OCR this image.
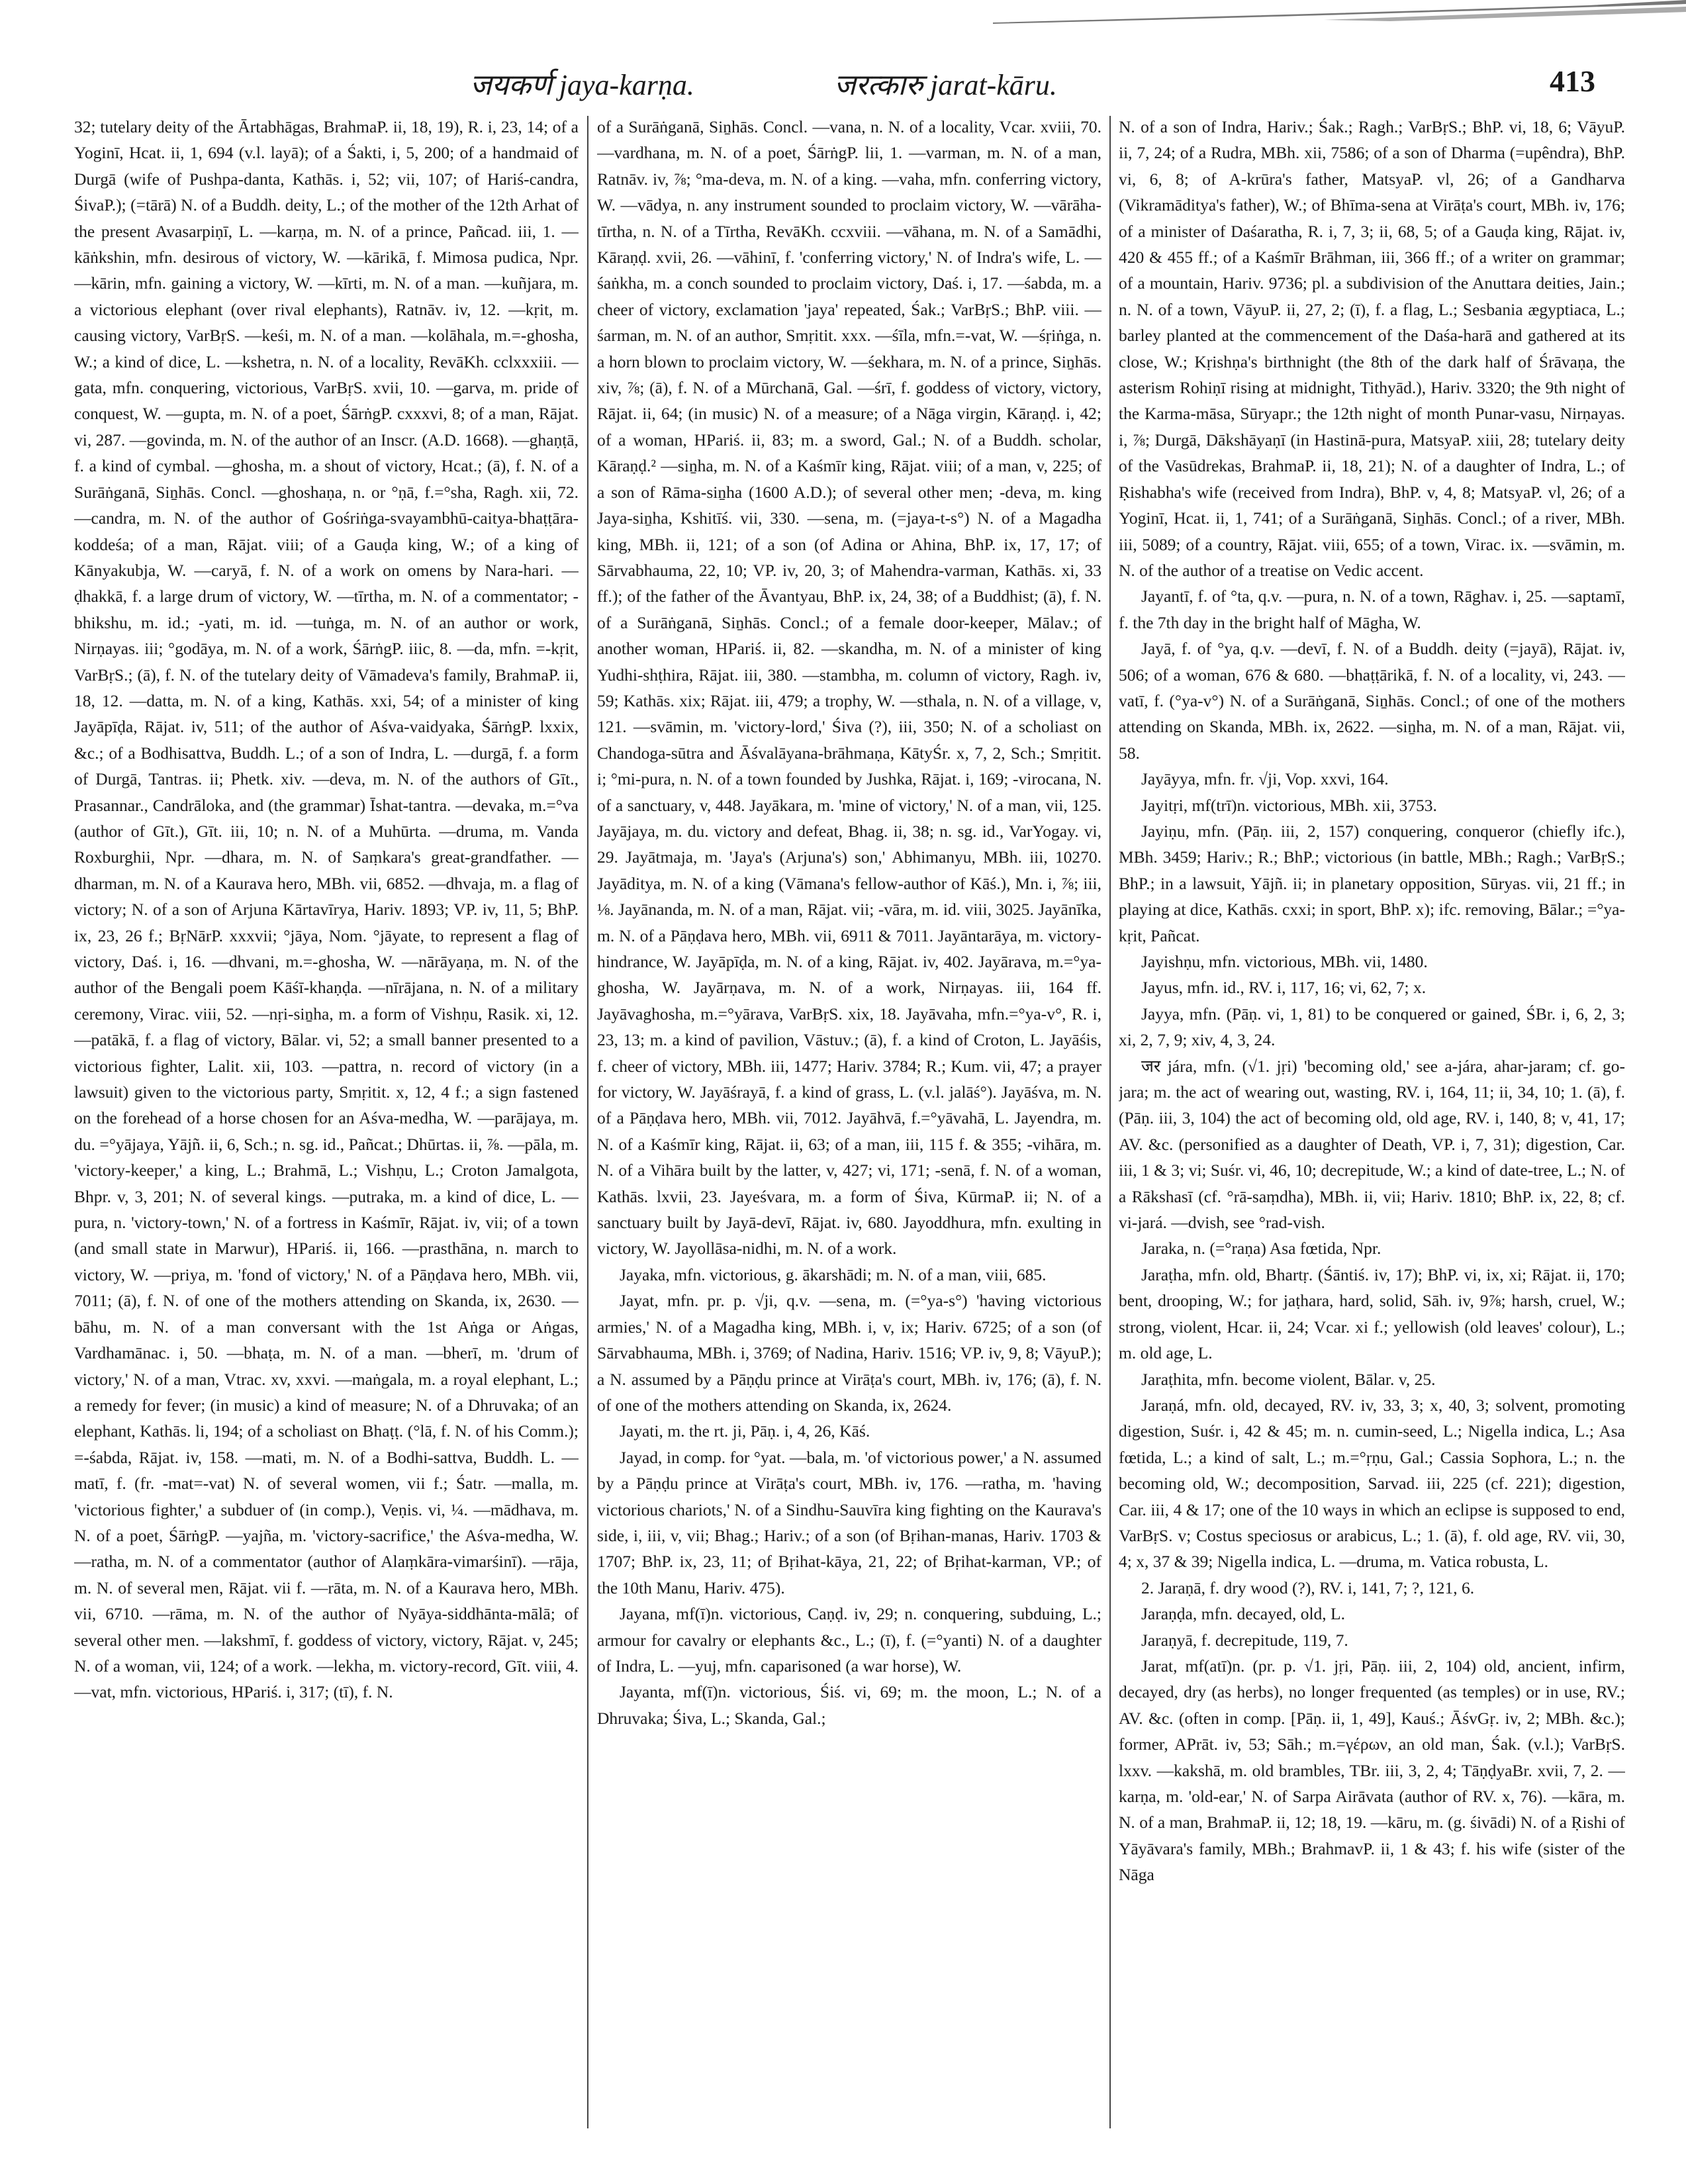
जयकर्ण jaya-karṇa.	जरत्कारु jarat-kāru.	413

32; tutelary deity of the Ārtabhāgas, BrahmaP. ii, 18, 19), R. i, 23, 14; of a Yoginī, Hcat. ii, 1, 694 (v.l. layā); of a Śakti, i, 5, 200; of a handmaid of Durgā (wife of Pushpa-danta, Kathās. i, 52; vii, 107; of Hariś-candra, ŚivaP.); (=tārā) N. of a Buddh. deity, L.; of the mother of the 12th Arhat of the present Avasarpiṇī, L. —karṇa, m. N. of a prince, Pañcad. iii, 1. —kāṅkshin, mfn. desirous of victory, W. —kārikā, f. Mimosa pudica, Npr. —kārin, mfn. gaining a victory, W. —kīrti, m. N. of a man. —kuñjara, m. a victorious elephant (over rival elephants), Ratnāv. iv, 12. —kṛit, m. causing victory, VarBṛS. —keśi, m. N. of a man. —kolāhala, m.=-ghosha, W.; a kind of dice, L. —kshetra, n. N. of a locality, RevāKh. cclxxxiii. —gata, mfn. conquering, victorious, VarBṛS. xvii, 10. —garva, m. pride of conquest, W. —gupta, m. N. of a poet, ŚārṅgP. cxxxvi, 8; of a man, Rājat. vi, 287. —govinda, m. N. of the author of an Inscr. (A.D. 1668). —ghaṇṭā, f. a kind of cymbal. —ghosha, m. a shout of victory, Hcat.; (ā), f. N. of a Surāṅganā, Siṉhās. Concl. —ghoshaṇa, n. or °ṇā, f.=°sha, Ragh. xii, 72. —candra, m. N. of the author of Gośriṅga-svayambhū-caitya-bhaṭṭāra-koddeśa; of a man, Rājat. viii; of a Gauḍa king, W.; of a king of Kānyakubja, W. —caryā, f. N. of a work on omens by Nara-hari. —ḍhakkā, f. a large drum of victory, W. —tīrtha, m. N. of a commentator; -bhikshu, m. id.; -yati, m. id. —tuṅga, m. N. of an author or work, Nirṇayas. iii; °godāya, m. N. of a work, ŚārṅgP. iiic, 8. —da, mfn. =-kṛit, VarBṛS.; (ā), f. N. of the tutelary deity of Vāmadeva's family, BrahmaP. ii, 18, 12. —datta, m. N. of a king, Kathās. xxi, 54; of a minister of king Jayāpīḍa, Rājat. iv, 511; of the author of Aśva-vaidyaka, ŚārṅgP. lxxix, &c.; of a Bodhisattva, Buddh. L.; of a son of Indra, L. —durgā, f. a form of Durgā, Tantras. ii; Phetk. xiv. —deva, m. N. of the authors of Gīt., Prasannar., Candrāloka, and (the grammar) Īshat-tantra. —devaka, m.=°va (author of Gīt.), Gīt. iii, 10; n. N. of a Muhūrta. —druma, m. Vanda Roxburghii, Npr. —dhara, m. N. of Saṃkara's great-grandfather. —dharman, m. N. of a Kaurava hero, MBh. vii, 6852. —dhvaja, m. a flag of victory; N. of a son of Arjuna Kārtavīrya, Hariv. 1893; VP. iv, 11, 5; BhP. ix, 23, 26 f.; BṛNārP. xxxvii; °jāya, Nom. °jāyate, to represent a flag of victory, Daś. i, 16. —dhvani, m.=-ghosha, W. —nārāyaṇa, m. N. of the author of the Bengali poem Kāśī-khaṇḍa. —nīrājana, n. N. of a military ceremony, Virac. viii, 52. —nṛi-siṉha, m. a form of Vishṇu, Rasik. xi, 12. —patākā, f. a flag of victory, Bālar. vi, 52; a small banner presented to a victorious fighter, Lalit. xii, 103. —pattra, n. record of victory (in a lawsuit) given to the victorious party, Smṛitit. x, 12, 4 f.; a sign fastened on the forehead of a horse chosen for an Aśva-medha, W. —parājaya, m. du. =°yājaya, Yājñ. ii, 6, Sch.; n. sg. id., Pañcat.; Dhūrtas. ii, ⅞. —pāla, m. 'victory-keeper,' a king, L.; Brahmā, L.; Vishṇu, L.; Croton Jamalgota, Bhpr. v, 3, 201; N. of several kings. —putraka, m. a kind of dice, L. —pura, n. 'victory-town,' N. of a fortress in Kaśmīr, Rājat. iv, vii; of a town (and small state in Marwur), HPariś. ii, 166. —prasthāna, n. march to victory, W. —priya, m. 'fond of victory,' N. of a Pāṇḍava hero, MBh. vii, 7011; (ā), f. N. of one of the mothers attending on Skanda, ix, 2630. —bāhu, m. N. of a man conversant with the 1st Aṅga or Aṅgas, Vardhamānac. i, 50. —bhaṭa, m. N. of a man. —bherī, m. 'drum of victory,' N. of a man, Vtrac. xv, xxvi. —maṅgala, m. a royal elephant, L.; a remedy for fever; (in music) a kind of measure; N. of a Dhruvaka; of an elephant, Kathās. li, 194; of a scholiast on Bhaṭṭ. (°lā, f. N. of his Comm.); =-śabda, Rājat. iv, 158. —mati, m. N. of a Bodhi-sattva, Buddh. L. —matī, f. (fr. -mat=-vat) N. of several women, vii f.; Śatr. —malla, m. 'victorious fighter,' a subduer of (in comp.), Veṇis. vi, ¼. —mādhava, m. N. of a poet, ŚārṅgP. —yajña, m. 'victory-sacrifice,' the Aśva-medha, W. —ratha, m. N. of a commentator (author of Alaṃkāra-vimarśinī). —rāja, m. N. of several men, Rājat. vii f. —rāta, m. N. of a Kaurava hero, MBh. vii, 6710. —rāma, m. N. of the author of Nyāya-siddhānta-mālā; of several other men. —lakshmī, f. goddess of victory, victory, Rājat. v, 245; N. of a woman, vii, 124; of a work. —lekha, m. victory-record, Gīt. viii, 4. —vat, mfn. victorious, HPariś. i, 317; (tī), f. N.

of a Surāṅganā, Siṉhās. Concl. —vana, n. N. of a locality, Vcar. xviii, 70. —vardhana, m. N. of a poet, ŚārṅgP. lii, 1. —varman, m. N. of a man, Ratnāv. iv, ⅞; °ma-deva, m. N. of a king. —vaha, mfn. conferring victory, W. —vādya, n. any instrument sounded to proclaim victory, W. —vārāha-tīrtha, n. N. of a Tīrtha, RevāKh. ccxviii. —vāhana, m. N. of a Samādhi, Kāraṇḍ. xvii, 26. —vāhinī, f. 'conferring victory,' N. of Indra's wife, L. —śaṅkha, m. a conch sounded to proclaim victory, Daś. i, 17. —śabda, m. a cheer of victory, exclamation 'jaya' repeated, Śak.; VarBṛS.; BhP. viii. —śarman, m. N. of an author, Smṛitit. xxx. —śīla, mfn.=-vat, W. —śṛiṅga, n. a horn blown to proclaim victory, W. —śekhara, m. N. of a prince, Siṉhās. xiv, ⅞; (ā), f. N. of a Mūrchanā, Gal. —śrī, f. goddess of victory, victory, Rājat. ii, 64; (in music) N. of a measure; of a Nāga virgin, Kāraṇḍ. i, 42; of a woman, HPariś. ii, 83; m. a sword, Gal.; N. of a Buddh. scholar, Kāraṇḍ.² —siṉha, m. N. of a Kaśmīr king, Rājat. viii; of a man, v, 225; of a son of Rāma-siṉha (1600 A.D.); of several other men; -deva, m. king Jaya-siṉha, Kshitīś. vii, 330. —sena, m. (=jaya-t-s°) N. of a Magadha king, MBh. ii, 121; of a son (of Adina or Ahina, BhP. ix, 17, 17; of Sārvabhauma, 22, 10; VP. iv, 20, 3; of Mahendra-varman, Kathās. xi, 33 ff.); of the father of the Āvantyau, BhP. ix, 24, 38; of a Buddhist; (ā), f. N. of a Surāṅganā, Siṉhās. Concl.; of a female door-keeper, Mālav.; of another woman, HPariś. ii, 82. —skandha, m. N. of a minister of king Yudhi-shṭhira, Rājat. iii, 380. —stambha, m. column of victory, Ragh. iv, 59; Kathās. xix; Rājat. iii, 479; a trophy, W. —sthala, n. N. of a village, v, 121. —svāmin, m. 'victory-lord,' Śiva (?), iii, 350; N. of a scholiast on Chandoga-sūtra and Āśvalāyana-brāhmaṇa, KātyŚr. x, 7, 2, Sch.; Smṛitit. i; °mi-pura, n. N. of a town founded by Jushka, Rājat. i, 169; -virocana, N. of a sanctuary, v, 448. Jayākara, m. 'mine of victory,' N. of a man, vii, 125. Jayājaya, m. du. victory and defeat, Bhag. ii, 38; n. sg. id., VarYogay. vi, 29. Jayātmaja, m. 'Jaya's (Arjuna's) son,' Abhimanyu, MBh. iii, 10270. Jayāditya, m. N. of a king (Vāmana's fellow-author of Kāś.), Mn. i, ⅞; iii, ⅛. Jayānanda, m. N. of a man, Rājat. vii; -vāra, m. id. viii, 3025. Jayānīka, m. N. of a Pāṇḍava hero, MBh. vii, 6911 & 7011. Jayāntarāya, m. victory-hindrance, W. Jayāpīḍa, m. N. of a king, Rājat. iv, 402. Jayārava, m.=°ya-ghosha, W. Jayārṇava, m. N. of a work, Nirṇayas. iii, 164 ff. Jayāvaghosha, m.=°yārava, VarBṛS. xix, 18. Jayāvaha, mfn.=°ya-v°, R. i, 23, 13; m. a kind of pavilion, Vāstuv.; (ā), f. a kind of Croton, L. Jayāśis, f. cheer of victory, MBh. iii, 1477; Hariv. 3784; R.; Kum. vii, 47; a prayer for victory, W. Jayāśrayā, f. a kind of grass, L. (v.l. jalāś°). Jayāśva, m. N. of a Pāṇḍava hero, MBh. vii, 7012. Jayāhvā, f.=°yāvahā, L. Jayendra, m. N. of a Kaśmīr king, Rājat. ii, 63; of a man, iii, 115 f. & 355; -vihāra, m. N. of a Vihāra built by the latter, v, 427; vi, 171; -senā, f. N. of a woman, Kathās. lxvii, 23. Jayeśvara, m. a form of Śiva, KūrmaP. ii; N. of a sanctuary built by Jayā-devī, Rājat. iv, 680. Jayoddhura, mfn. exulting in victory, W. Jayollāsa-nidhi, m. N. of a work.

Jayaka, mfn. victorious, g. ākarshādi; m. N. of a man, viii, 685.

Jayat, mfn. pr. p. √ji, q.v. —sena, m. (=°ya-s°) 'having victorious armies,' N. of a Magadha king, MBh. i, v, ix; Hariv. 6725; of a son (of Sārvabhauma, MBh. i, 3769; of Nadina, Hariv. 1516; VP. iv, 9, 8; VāyuP.); a N. assumed by a Pāṇḍu prince at Virāṭa's court, MBh. iv, 176; (ā), f. N. of one of the mothers attending on Skanda, ix, 2624.

Jayati, m. the rt. ji, Pāṇ. i, 4, 26, Kāś.

Jayad, in comp. for °yat. —bala, m. 'of victorious power,' a N. assumed by a Pāṇḍu prince at Virāṭa's court, MBh. iv, 176. —ratha, m. 'having victorious chariots,' N. of a Sindhu-Sauvīra king fighting on the Kaurava's side, i, iii, v, vii; Bhag.; Hariv.; of a son (of Bṛihan-manas, Hariv. 1703 & 1707; BhP. ix, 23, 11; of Bṛihat-kāya, 21, 22; of Bṛihat-karman, VP.; of the 10th Manu, Hariv. 475).

Jayana, mf(ī)n. victorious, Caṇḍ. iv, 29; n. conquering, subduing, L.; armour for cavalry or elephants &c., L.; (ī), f. (=°yanti) N. of a daughter of Indra, L. —yuj, mfn. caparisoned (a war horse), W.

Jayanta, mf(ī)n. victorious, Śiś. vi, 69; m. the moon, L.; N. of a Dhruvaka; Śiva, L.; Skanda, Gal.;

N. of a son of Indra, Hariv.; Śak.; Ragh.; VarBṛS.; BhP. vi, 18, 6; VāyuP. ii, 7, 24; of a Rudra, MBh. xii, 7586; of a son of Dharma (=upêndra), BhP. vi, 6, 8; of A-krūra's father, MatsyaP. vl, 26; of a Gandharva (Vikramāditya's father), W.; of Bhīma-sena at Virāṭa's court, MBh. iv, 176; of a minister of Daśaratha, R. i, 7, 3; ii, 68, 5; of a Gauḍa king, Rājat. iv, 420 & 455 ff.; of a Kaśmīr Brāhman, iii, 366 ff.; of a writer on grammar; of a mountain, Hariv. 9736; pl. a subdivision of the Anuttara deities, Jain.; n. N. of a town, VāyuP. ii, 27, 2; (ī), f. a flag, L.; Sesbania ægyptiaca, L.; barley planted at the commencement of the Daśa-harā and gathered at its close, W.; Kṛishṇa's birthnight (the 8th of the dark half of Śrāvaṇa, the asterism Rohiṇī rising at midnight, Tithyād.), Hariv. 3320; the 9th night of the Karma-māsa, Sūryapr.; the 12th night of month Punar-vasu, Nirṇayas. i, ⅞; Durgā, Dākshāyaṇī (in Hastinā-pura, MatsyaP. xiii, 28; tutelary deity of the Vasūdrekas, BrahmaP. ii, 18, 21); N. of a daughter of Indra, L.; of Ṛishabha's wife (received from Indra), BhP. v, 4, 8; MatsyaP. vl, 26; of a Yoginī, Hcat. ii, 1, 741; of a Surāṅganā, Siṉhās. Concl.; of a river, MBh. iii, 5089; of a country, Rājat. viii, 655; of a town, Virac. ix. —svāmin, m. N. of the author of a treatise on Vedic accent.

Jayantī, f. of °ta, q.v. —pura, n. N. of a town, Rāghav. i, 25. —saptamī, f. the 7th day in the bright half of Māgha, W.

Jayā, f. of °ya, q.v. —devī, f. N. of a Buddh. deity (=jayā), Rājat. iv, 506; of a woman, 676 & 680. —bhaṭṭārikā, f. N. of a locality, vi, 243. —vatī, f. (°ya-v°) N. of a Surāṅganā, Siṉhās. Concl.; of one of the mothers attending on Skanda, MBh. ix, 2622. —siṉha, m. N. of a man, Rājat. vii, 58.

Jayāyya, mfn. fr. √ji, Vop. xxvi, 164.

Jayitṛi, mf(trī)n. victorious, MBh. xii, 3753.

Jayiṇu, mfn. (Pāṇ. iii, 2, 157) conquering, conqueror (chiefly ifc.), MBh. 3459; Hariv.; R.; BhP.; victorious (in battle, MBh.; Ragh.; VarBṛS.; BhP.; in a lawsuit, Yājñ. ii; in planetary opposition, Sūryas. vii, 21 ff.; in playing at dice, Kathās. cxxi; in sport, BhP. x); ifc. removing, Bālar.; =°ya-kṛit, Pañcat.

Jayishṇu, mfn. victorious, MBh. vii, 1480.

Jayus, mfn. id., RV. i, 117, 16; vi, 62, 7; x.

Jayya, mfn. (Pāṇ. vi, 1, 81) to be conquered or gained, ŚBr. i, 6, 2, 3; xi, 2, 7, 9; xiv, 4, 3, 24.

जर jára, mfn. (√1. jṛi) 'becoming old,' see a-jára, ahar-jaram; cf. go-jara; m. the act of wearing out, wasting, RV. i, 164, 11; ii, 34, 10; 1. (ā), f. (Pāṇ. iii, 3, 104) the act of becoming old, old age, RV. i, 140, 8; v, 41, 17; AV. &c. (personified as a daughter of Death, VP. i, 7, 31); digestion, Car. iii, 1 & 3; vi; Suśr. vi, 46, 10; decrepitude, W.; a kind of date-tree, L.; N. of a Rākshasī (cf. °rā-saṃdha), MBh. ii, vii; Hariv. 1810; BhP. ix, 22, 8; cf. vi-jará. —dvish, see °rad-vish.

Jaraka, n. (=°raṇa) Asa fœtida, Npr.

Jaraṭha, mfn. old, Bhartṛ. (Śāntiś. iv, 17); BhP. vi, ix, xi; Rājat. ii, 170; bent, drooping, W.; for jaṭhara, hard, solid, Sāh. iv, 9⅞; harsh, cruel, W.; strong, violent, Hcar. ii, 24; Vcar. xi f.; yellowish (old leaves' colour), L.; m. old age, L.

Jaraṭhita, mfn. become violent, Bālar. v, 25.

Jaraṇá, mfn. old, decayed, RV. iv, 33, 3; x, 40, 3; solvent, promoting digestion, Suśr. i, 42 & 45; m. n. cumin-seed, L.; Nigella indica, L.; Asa fœtida, L.; a kind of salt, L.; m.=°ṛṇu, Gal.; Cassia Sophora, L.; n. the becoming old, W.; decomposition, Sarvad. iii, 225 (cf. 221); digestion, Car. iii, 4 & 17; one of the 10 ways in which an eclipse is supposed to end, VarBṛS. v; Costus speciosus or arabicus, L.; 1. (ā), f. old age, RV. vii, 30, 4; x, 37 & 39; Nigella indica, L. —druma, m. Vatica robusta, L.

2. Jaraṇā, f. dry wood (?), RV. i, 141, 7; ?, 121, 6.

Jaraṇḍa, mfn. decayed, old, L.

Jaraṇyā, f. decrepitude, 119, 7.

Jarat, mf(atī)n. (pr. p. √1. jṛi, Pāṇ. iii, 2, 104) old, ancient, infirm, decayed, dry (as herbs), no longer frequented (as temples) or in use, RV.; AV. &c. (often in comp. [Pāṇ. ii, 1, 49], Kauś.; ĀśvGṛ. iv, 2; MBh. &c.); former, APrāt. iv, 53; Sāh.; m.=γέρων, an old man, Śak. (v.l.); VarBṛS. lxxv. —kakshā, m. old brambles, TBr. iii, 3, 2, 4; TāṇḍyaBr. xvii, 7, 2. —karṇa, m. 'old-ear,' N. of Sarpa Airāvata (author of RV. x, 76). —kāra, m. N. of a man, BrahmaP. ii, 12; 18, 19. —kāru, m. (g. śivādi) N. of a Ṛishi of Yāyāvara's family, MBh.; BrahmavP. ii, 1 & 43; f. his wife (sister of the Nāga
